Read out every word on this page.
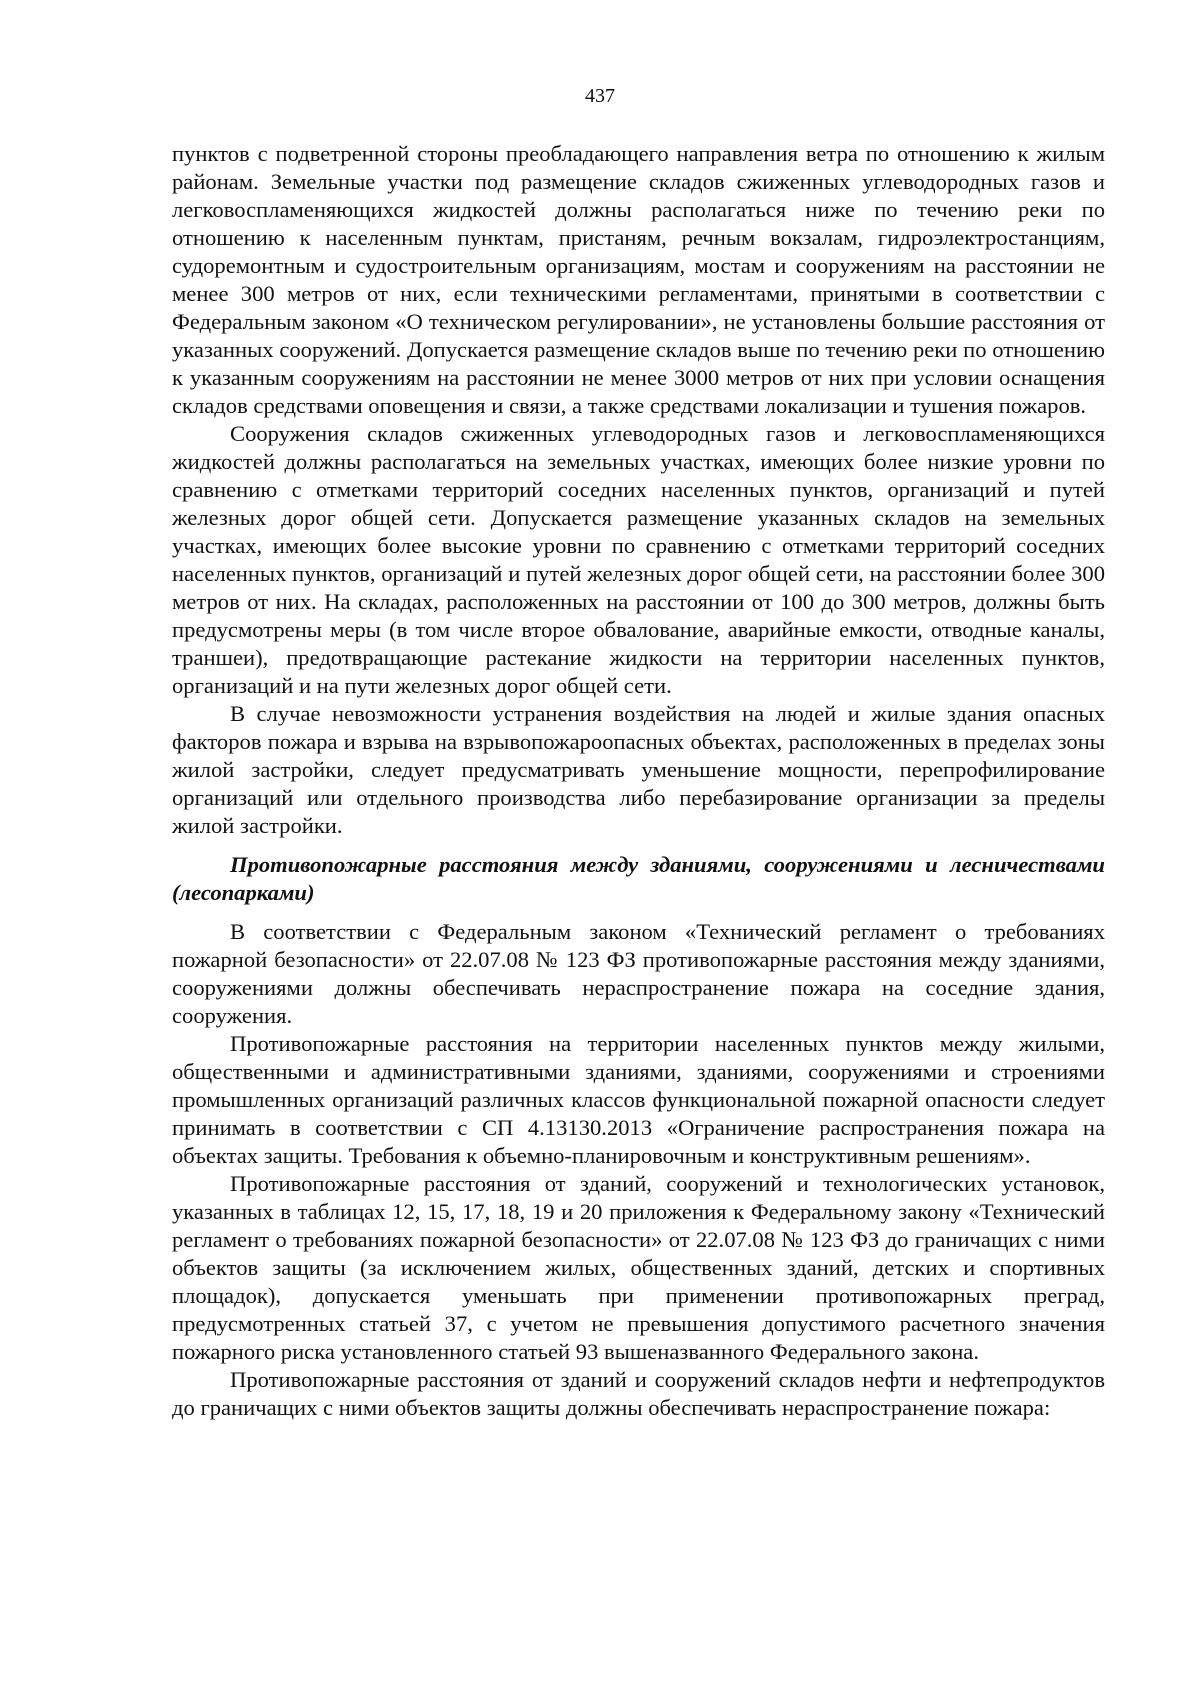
437

пунктов с подветренной стороны преобладающего направления ветра по отношению к жилым районам. Земельные участки под размещение складов сжиженных углеводородных газов и легковоспламеняющихся жидкостей должны располагаться ниже по течению реки по отношению к населенным пунктам, пристаням, речным вокзалам, гидроэлектростанциям, судоремонтным и судостроительным организациям, мостам и сооружениям на расстоянии не менее 300 метров от них, если техническими регламентами, принятыми в соответствии с Федеральным законом «О техническом регулировании», не установлены большие расстояния от указанных сооружений. Допускается размещение складов выше по течению реки по отношению к указанным сооружениям на расстоянии не менее 3000 метров от них при условии оснащения складов средствами оповещения и связи, а также средствами локализации и тушения пожаров.

Сооружения складов сжиженных углеводородных газов и легковоспламеняющихся жидкостей должны располагаться на земельных участках, имеющих более низкие уровни по сравнению с отметками территорий соседних населенных пунктов, организаций и путей железных дорог общей сети. Допускается размещение указанных складов на земельных участках, имеющих более высокие уровни по сравнению с отметками территорий соседних населенных пунктов, организаций и путей железных дорог общей сети, на расстоянии более 300 метров от них. На складах, расположенных на расстоянии от 100 до 300 метров, должны быть предусмотрены меры (в том числе второе обвалование, аварийные емкости, отводные каналы, траншеи), предотвращающие растекание жидкости на территории населенных пунктов, организаций и на пути железных дорог общей сети.

В случае невозможности устранения воздействия на людей и жилые здания опасных факторов пожара и взрыва на взрывопожароопасных объектах, расположенных в пределах зоны жилой застройки, следует предусматривать уменьшение мощности, перепрофилирование организаций или отдельного производства либо перебазирование организации за пределы жилой застройки.

Противопожарные расстояния между зданиями, сооружениями и лесничествами (лесопарками)

В соответствии с Федеральным законом «Технический регламент о требованиях пожарной безопасности» от 22.07.08 № 123 ФЗ противопожарные расстояния между зданиями, сооружениями должны обеспечивать нераспространение пожара на соседние здания, сооружения.

Противопожарные расстояния на территории населенных пунктов между жилыми, общественными и административными зданиями, зданиями, сооружениями и строениями промышленных организаций различных классов функциональной пожарной опасности следует принимать в соответствии с СП 4.13130.2013 «Ограничение распространения пожара на объектах защиты. Требования к объемно-планировочным и конструктивным решениям».

Противопожарные расстояния от зданий, сооружений и технологических установок, указанных в таблицах 12, 15, 17, 18, 19 и 20 приложения к Федеральному закону «Технический регламент о требованиях пожарной безопасности» от 22.07.08 № 123 ФЗ до граничащих с ними объектов защиты (за исключением жилых, общественных зданий, детских и спортивных площадок), допускается уменьшать при применении противопожарных преград, предусмотренных статьей 37, с учетом не превышения допустимого расчетного значения пожарного риска установленного статьей 93 вышеназванного Федерального закона.

Противопожарные расстояния от зданий и сооружений складов нефти и нефтепродуктов до граничащих с ними объектов защиты должны обеспечивать нераспространение пожара:
